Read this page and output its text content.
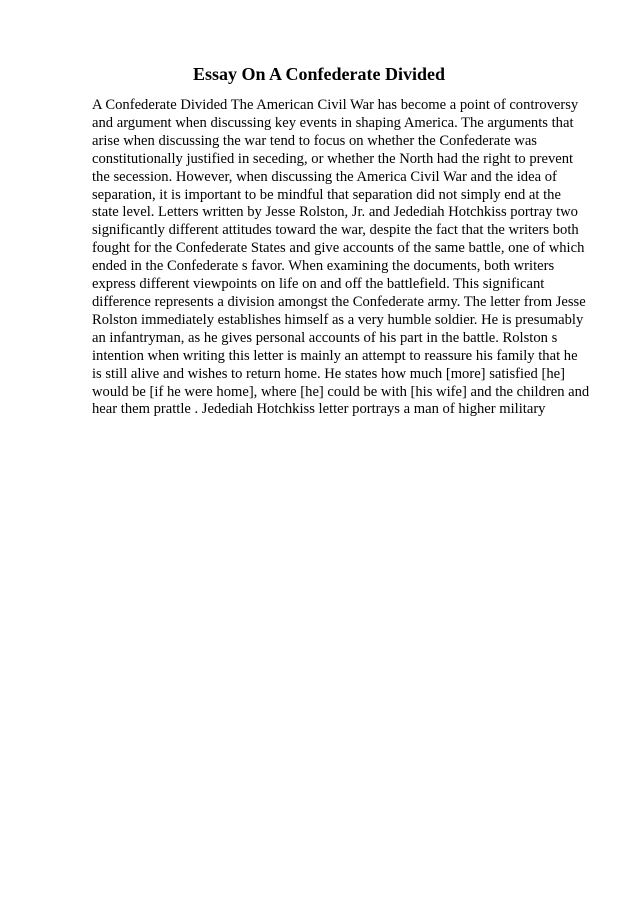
Essay On A Confederate Divided
A Confederate Divided The American Civil War has become a point of controversy
and argument when discussing key events in shaping America. The arguments that
arise when discussing the war tend to focus on whether the Confederate was
constitutionally justified in seceding, or whether the North had the right to prevent
the secession. However, when discussing the America Civil War and the idea of
separation, it is important to be mindful that separation did not simply end at the
state level. Letters written by Jesse Rolston, Jr. and Jedediah Hotchkiss portray two
significantly different attitudes toward the war, despite the fact that the writers both
fought for the Confederate States and give accounts of the same battle, one of which
ended in the Confederate s favor. When examining the documents, both writers
express different viewpoints on life on and off the battlefield. This significant
difference represents a division amongst the Confederate army. The letter from Jesse
Rolston immediately establishes himself as a very humble soldier. He is presumably
an infantryman, as he gives personal accounts of his part in the battle. Rolston s
intention when writing this letter is mainly an attempt to reassure his family that he
is still alive and wishes to return home. He states how much [more] satisfied [he]
would be [if he were home], where [he] could be with [his wife] and the children and
hear them prattle . Jedediah Hotchkiss letter portrays a man of higher military
